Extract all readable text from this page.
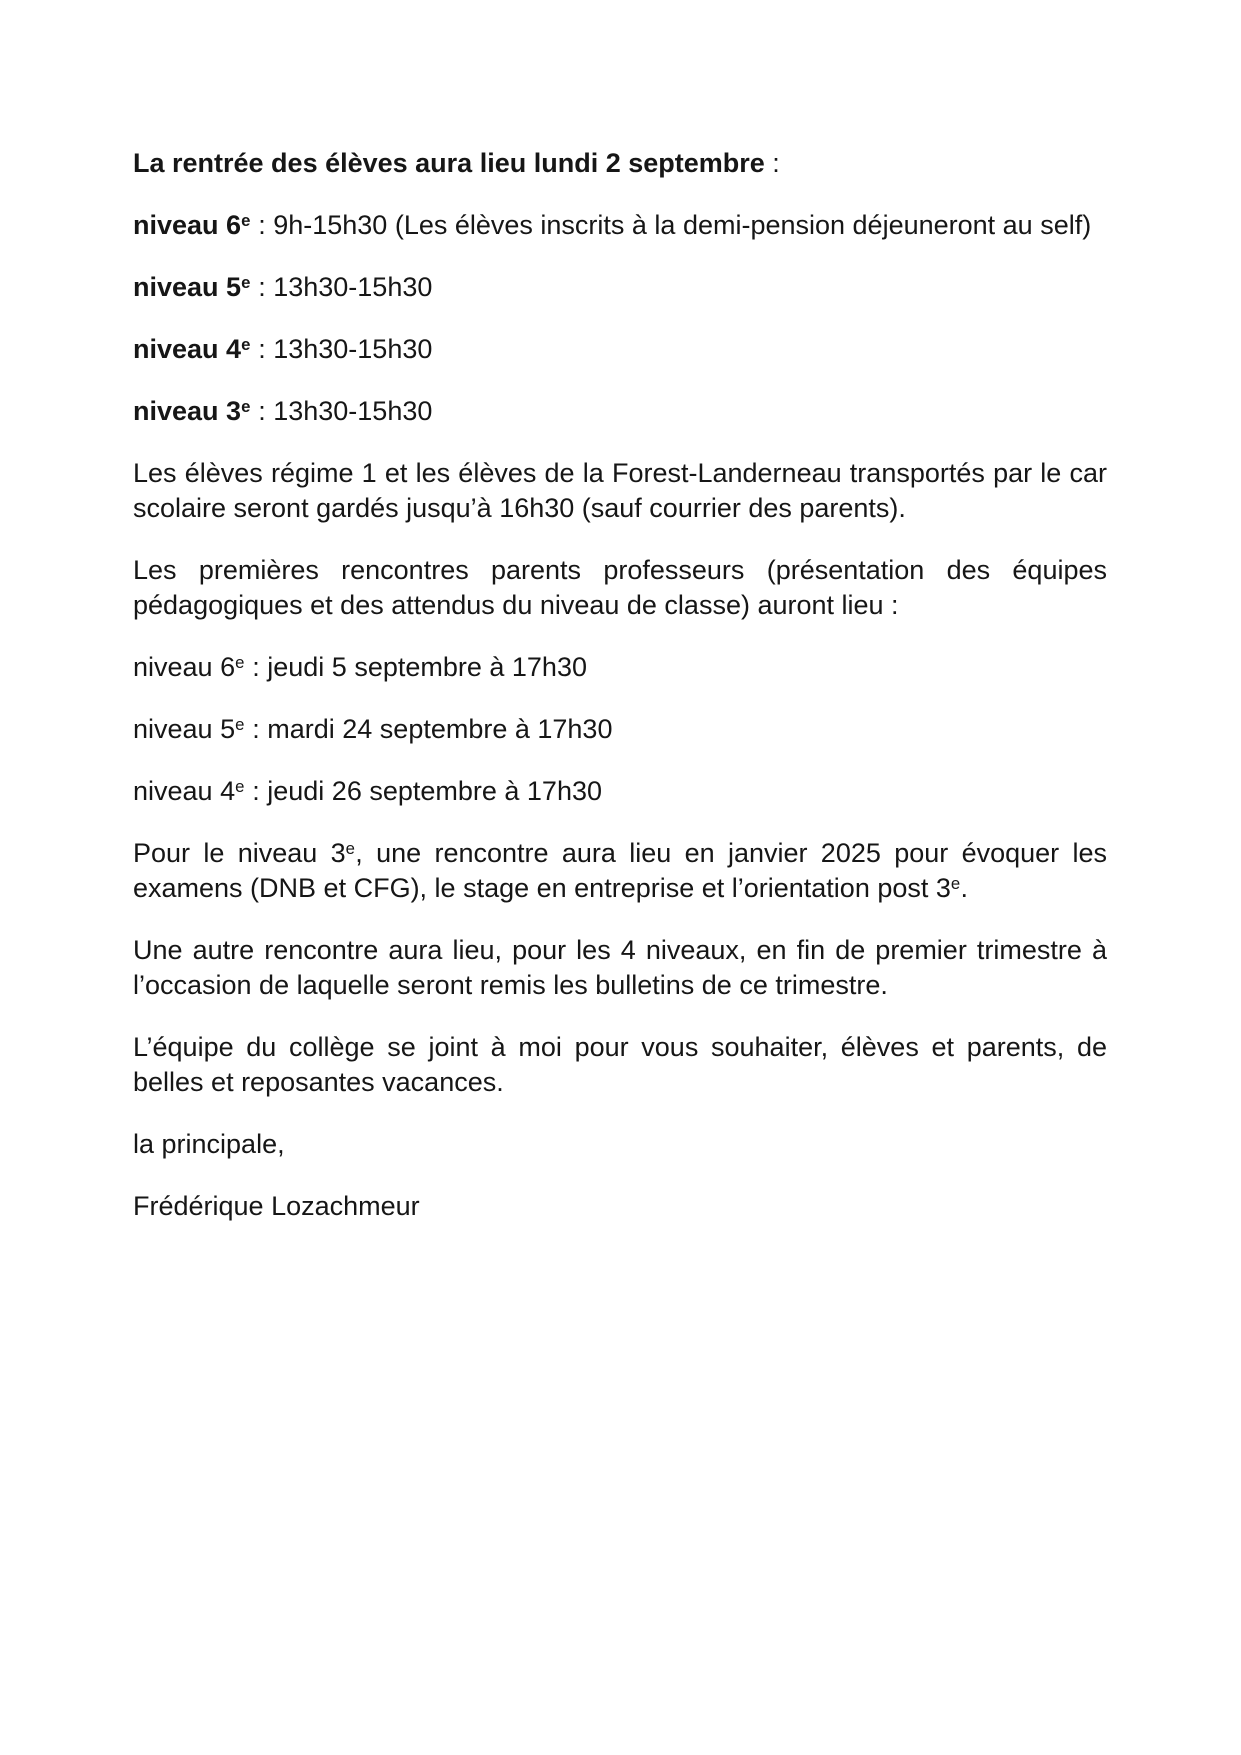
La rentrée des élèves aura lieu lundi 2 septembre :

niveau 6e : 9h-15h30 (Les élèves inscrits à la demi-pension déjeuneront au self)

niveau 5e : 13h30-15h30

niveau 4e : 13h30-15h30

niveau 3e : 13h30-15h30

Les élèves régime 1 et les élèves de la Forest-Landerneau transportés par le car scolaire seront gardés jusqu’à 16h30 (sauf courrier des parents).

Les premières rencontres parents professeurs (présentation des équipes pédagogiques et des attendus du niveau de classe) auront lieu :

niveau 6e : jeudi 5 septembre à 17h30

niveau 5e : mardi 24 septembre à 17h30

niveau 4e : jeudi 26 septembre à 17h30

Pour le niveau 3e, une rencontre aura lieu en janvier 2025 pour évoquer les examens (DNB et CFG), le stage en entreprise et l’orientation post 3e.

Une autre rencontre aura lieu, pour les 4 niveaux, en fin de premier trimestre à l’occasion de laquelle seront remis les bulletins de ce trimestre.

L’équipe du collège se joint à moi pour vous souhaiter, élèves et parents, de belles et reposantes vacances.

la principale,

Frédérique Lozachmeur
